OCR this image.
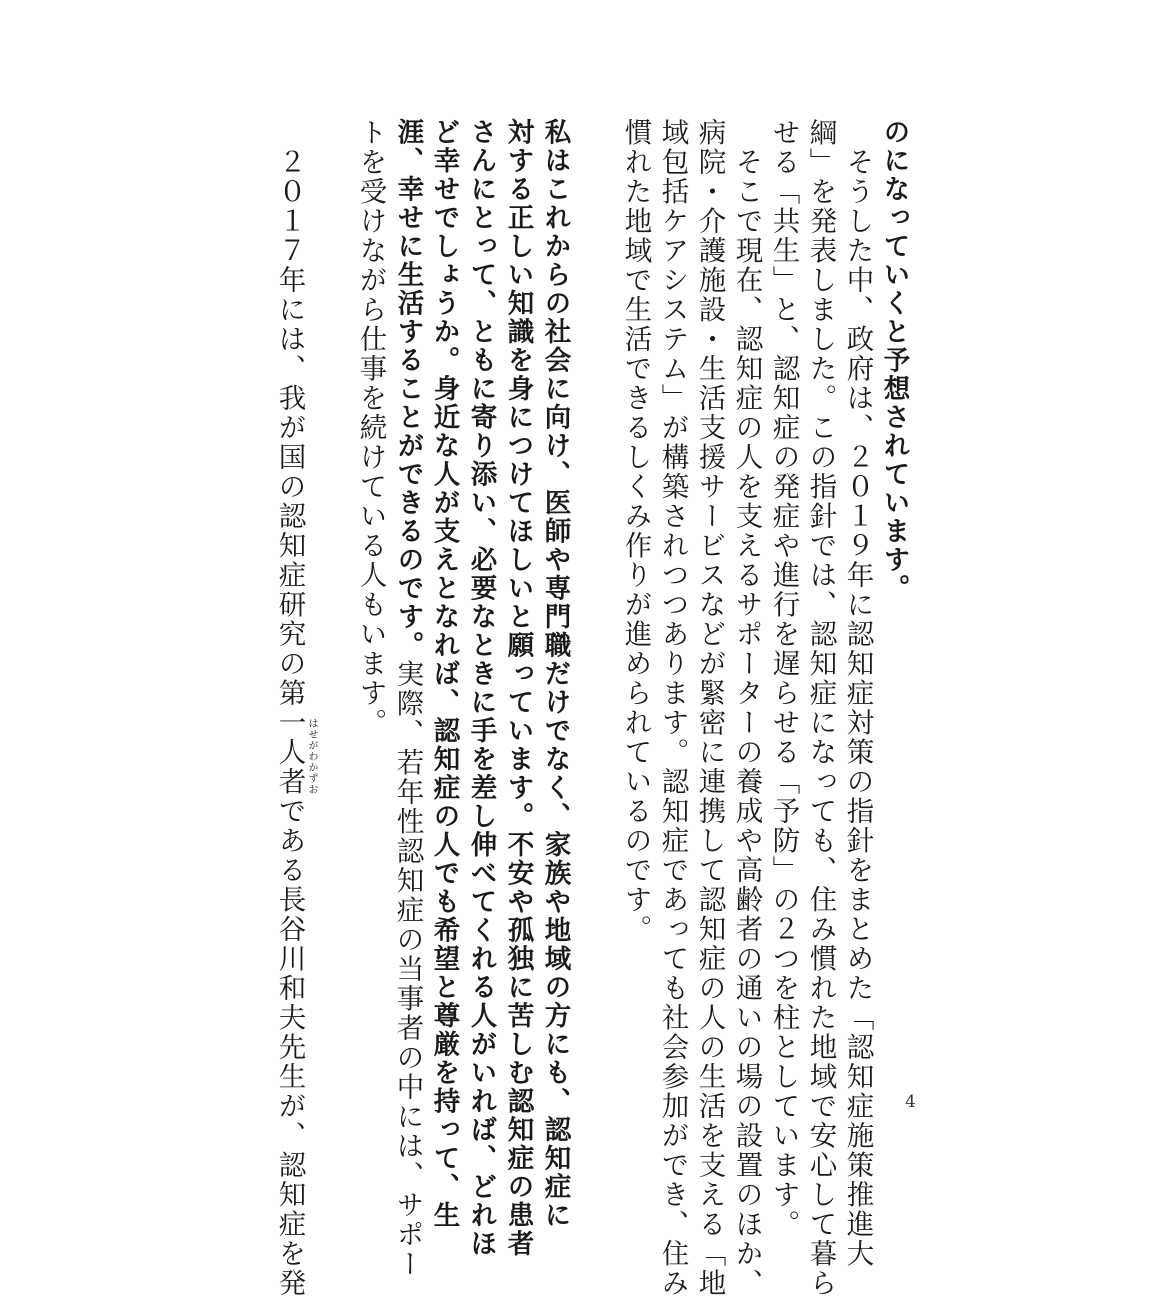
のになっていくと予想されています。
　そうした中、政府は、２０１９年に認知症対策の指針をまとめた「認知症施策推進大
綱」を発表しました。この指針では、認知症になっても、住み慣れた地域で安心して暮ら
せる「共生」と、認知症の発症や進行を遅らせる「予防」の２つを柱としています。
　そこで現在、認知症の人を支えるサポーターの養成や高齢者の通いの場の設置のほか、
病院・介護施設・生活支援サービスなどが緊密に連携して認知症の人の生活を支える「地
域包括ケアシステム」が構築されつつあります。認知症であっても社会参加ができ、住み
慣れた地域で生活できるしくみ作りが進められているのです。
私はこれからの社会に向け、医師や専門職だけでなく、家族や地域の方にも、認知症に
対する正しい知識を身につけてほしいと願っています。不安や孤独に苦しむ認知症の患者
さんにとって、ともに寄り添い、必要なときに手を差し伸べてくれる人がいれば、どれほ
ど幸せでしょうか。身近な人が支えとなれば、認知症の人でも希望と尊厳を持って、生
涯、幸せに生活することができるのです。実際、若年性認知症の当事者の中には、サポー
トを受けながら仕事を続けている人もいます。
　２０１７年には、我が国の認知症研究の第一人者である長谷川和夫先生が、認知症を発 はせがわかずお
4
